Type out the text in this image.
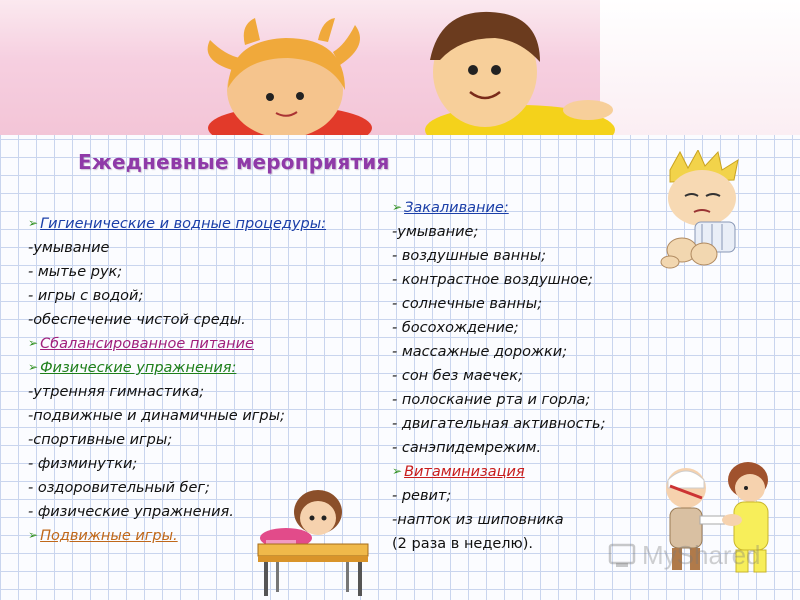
Ежедневные мероприятия
➢ Гигиенические и водные процедуры:
-умывание
- мытье рук;
- игры с водой;
-обеспечение чистой среды.
➢ Сбалансированное питание
➢ Физические упражнения:
-утренняя гимнастика;
-подвижные и динамичные игры;
-спортивные игры;
- физминутки;
- оздоровительный бег;
- физические упражнения.
➢ Подвижные игры.
➢ Закаливание:
-умывание;
- воздушные ванны;
- контрастное воздушное;
- солнечные ванны;
- босохождение;
- массажные дорожки;
- сон без маечек;
- полоскание рта и горла;
- двигательная активность;
- санэпидемрежим.
➢ Витаминизация
- ревит;
-напток из шиповника
(2 раза в неделю).	MyShared
